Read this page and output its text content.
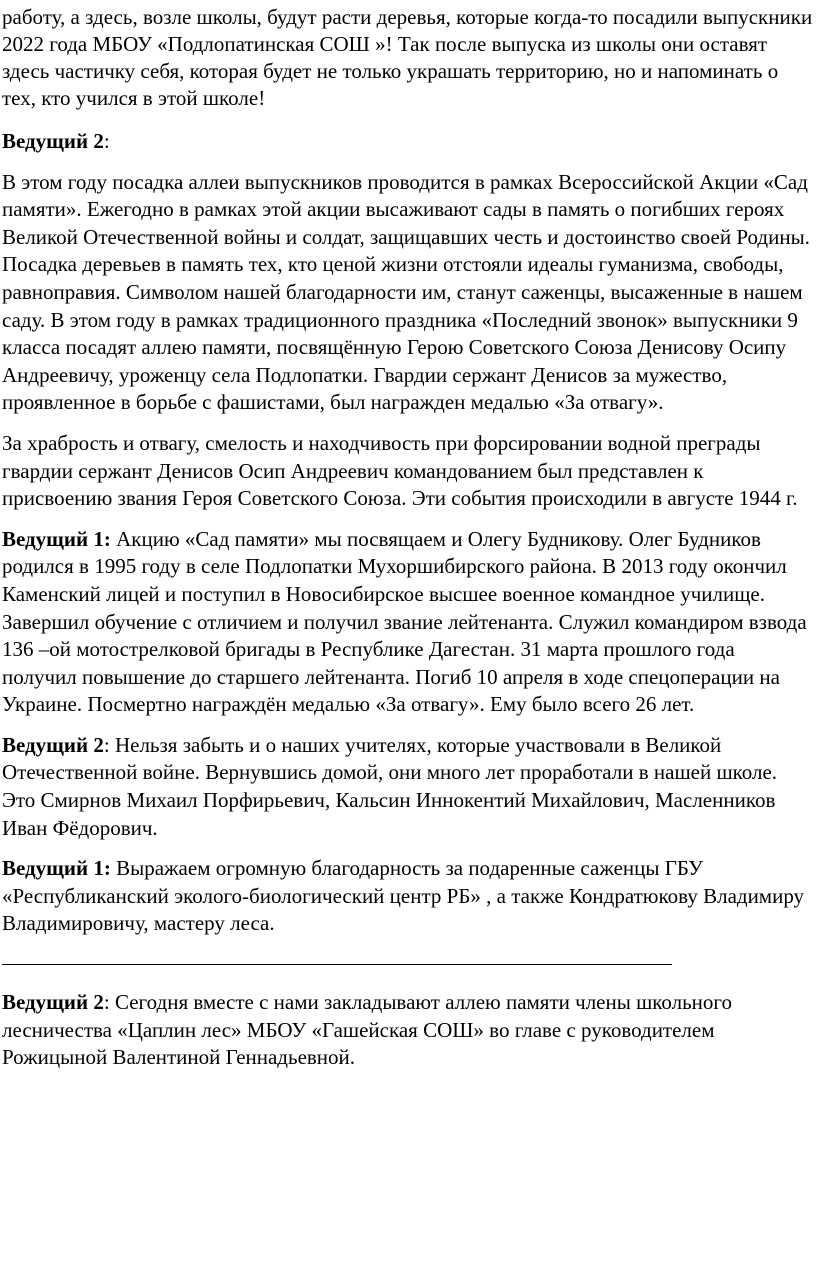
работу, а здесь, возле школы, будут расти деревья, которые когда-то посадили выпускники 2022 года МБОУ «Подлопатинская СОШ »! Так после выпуска из школы они оставят здесь частичку себя, которая будет не только украшать территорию, но и напоминать о тех, кто учился в этой школе!

Ведущий 2:

В этом году посадка аллеи выпускников проводится в рамках Всероссийской Акции «Сад памяти». Ежегодно в рамках этой акции высаживают сады в память о погибших героях Великой Отечественной войны и солдат, защищавших честь и достоинство своей Родины. Посадка деревьев в память тех, кто ценой жизни отстояли идеалы гуманизма, свободы, равноправия. Символом нашей благодарности им, станут саженцы, высаженные в нашем саду. В этом году в рамках традиционного праздника «Последний звонок» выпускники 9 класса посадят аллею памяти, посвящённую Герою Советского Союза Денисову Осипу Андреевичу, уроженцу села Подлопатки. Гвардии сержант Денисов за мужество, проявленное в борьбе с фашистами, был награжден медалью «За отвагу».

За храбрость и отвагу, смелость и находчивость при форсировании водной преграды гвардии сержант Денисов Осип Андреевич командованием был представлен к присвоению звания Героя Советского Союза. Эти события происходили в августе 1944 г.

Ведущий 1: Акцию «Сад памяти» мы посвящаем и Олегу Будникову. Олег Будников родился в 1995 году в селе Подлопатки Мухоршибирского района. В 2013 году окончил Каменский лицей и поступил в Новосибирское высшее военное командное училище. Завершил обучение с отличием и получил звание лейтенанта. Служил командиром взвода 136 –ой мотострелковой бригады в Республике Дагестан. 31 марта прошлого года получил повышение до старшего лейтенанта. Погиб 10 апреля в ходе спецоперации на Украине. Посмертно награждён медалью «За отвагу». Ему было всего 26 лет.

Ведущий 2: Нельзя забыть и о наших учителях, которые участвовали в Великой Отечественной войне. Вернувшись домой, они много лет проработали в нашей школе. Это Смирнов Михаил Порфирьевич, Кальсин Иннокентий Михайлович, Масленников Иван Фёдорович.

Ведущий 1: Выражаем огромную благодарность за подаренные саженцы ГБУ «Республиканский эколого-биологический центр РБ» , а также Кондратюкову Владимиру Владимировичу, мастеру леса.

Ведущий 2: Сегодня вместе с нами закладывают аллею памяти члены школьного лесничества «Цаплин лес» МБОУ «Гашейская СОШ» во главе с руководителем Рожицыной Валентиной Геннадьевной.
